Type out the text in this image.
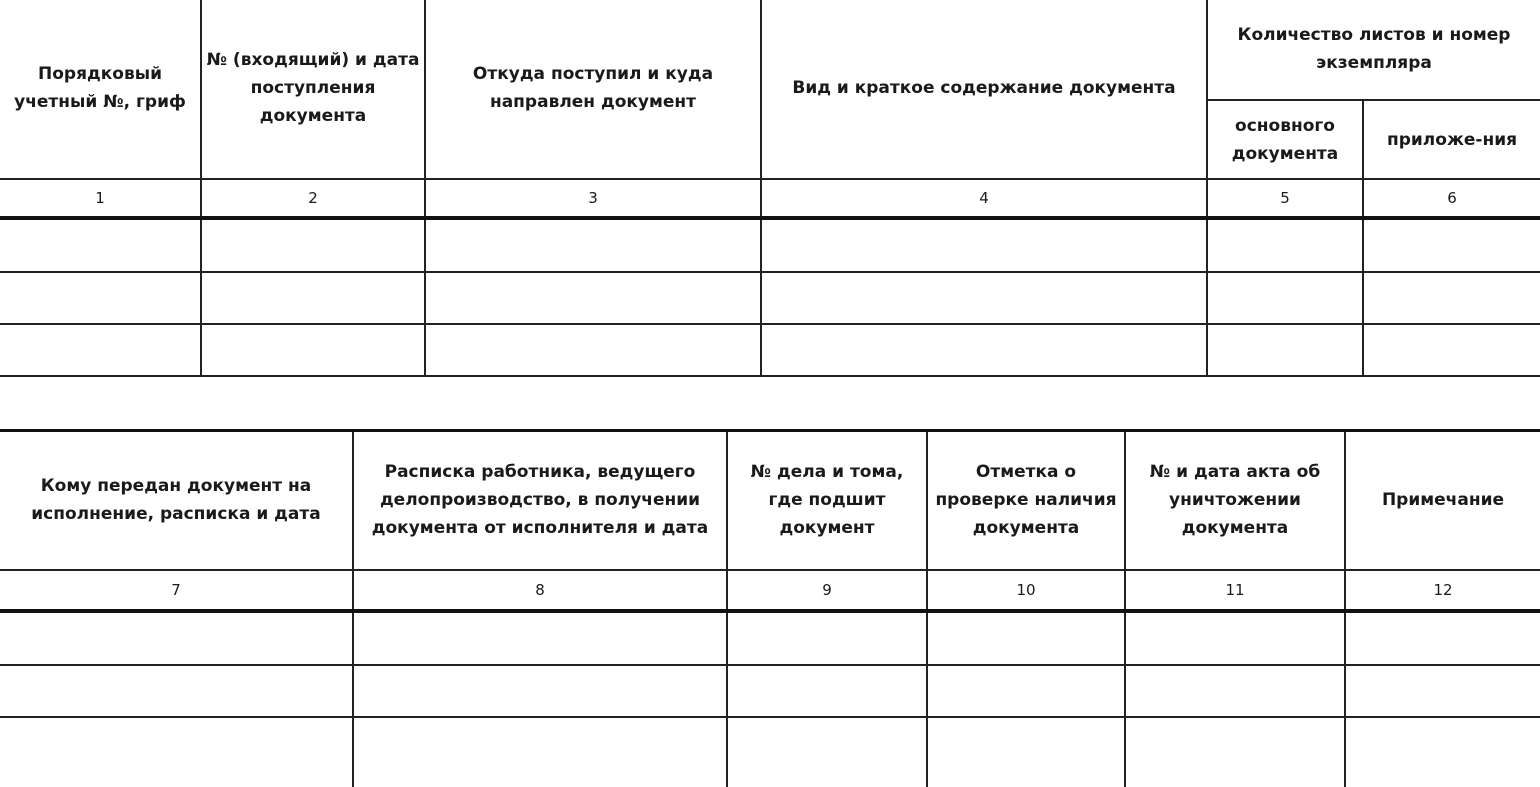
Порядковый учетный №, гриф	№ (входящий) и дата поступления документа	Откуда поступил и куда направлен документ	Вид и краткое содержание документа	Количество листов и номер экземпляра	
				основного документа	приложе-ния
1	2	3	4	5	6

Кому передан документ на исполнение, расписка и дата	Расписка работника, ведущего делопроизводство, в получении документа от исполнителя и дата	№ дела и тома, где подшит документ	Отметка о проверке наличия документа	№ и дата акта об уничтожении документа	Примечание
7	8	9	10	11	12
